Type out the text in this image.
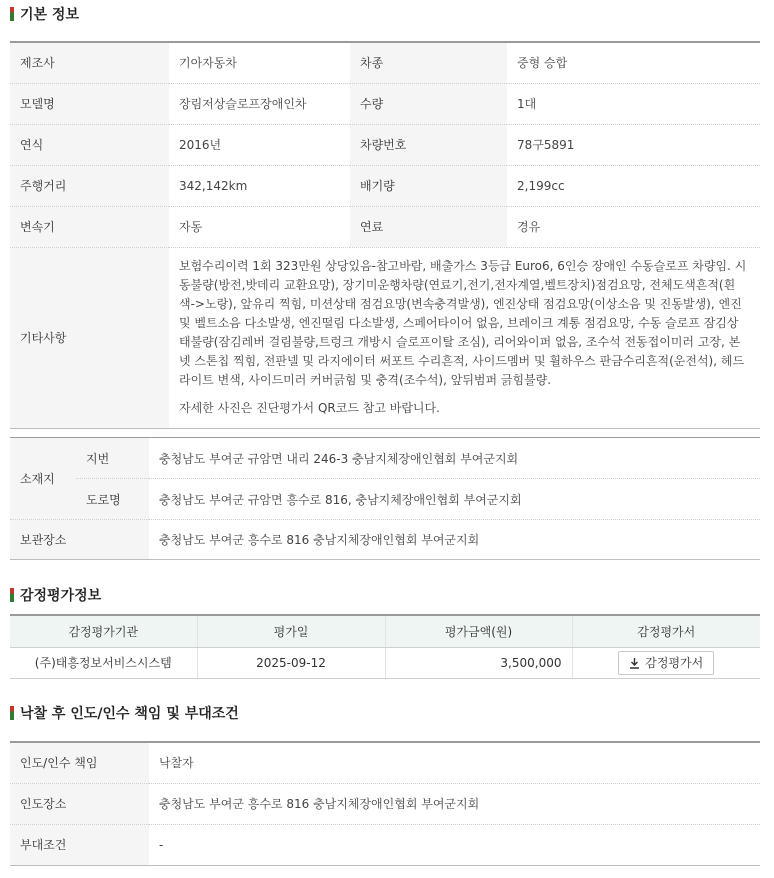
기본 정보
제조사	기아자동차	차종	중형 승합
모델명	장림저상슬로프장애인차	수량	1대
연식	2016년	차량번호	78구5891
주행거리	342,142km	배기량	2,199cc
변속기	자동	연료	경유
기타사항	보험수리이력 1회 323만원 상당있음-참고바람, 배출가스 3등급 Euro6, 6인승 장애인 수동슬로프 차량임. 시동불량(방전,밧데리 교환요망), 장기미운행차량(연료기,전기,전자계열,벨트장치)점검요망, 전체도색흔적(흰색->노랑), 앞유리 찍힘, 미션상태 점검요망(변속충격발생), 엔진상태 점검요망(이상소음 및 진동발생), 엔진 및 벨트소음 다소발생, 엔진떨림 다소발생, 스페어타이어 없음, 브레이크 계통 점검요망, 수동 슬로프 잠김상태불량(잠김레버 걸림불량,트렁크 개방시 슬로프이탈 조심), 리어와이퍼 없음, 조수석 전동접이미러 고장, 본넷 스톤칩 찍힘, 전판넬 및 라지에이터 써포트 수리흔적, 사이드멤버 및 휠하우스 판금수리흔적(운전석), 헤드라이트 변색, 사이드미러 커버긁힘 및 충격(조수석), 앞뒤범퍼 긁힘불량.

자세한 사진은 진단평가서 QR코드 참고 바랍니다.		

소재지	지번	충청남도 부여군 규암면 내리 246-3 충남지체장애인협회 부여군지회
	도로명	충청남도 부여군 규암면 흥수로 816, 충남지체장애인협회 부여군지회
보관장소		충청남도 부여군 흥수로 816 충남지체장애인협회 부여군지회
감정평가정보
감정평가기관	평가일	평가금액(원)	감정평가서
(주)태흥정보서비스시스템	2025-09-12	3,500,000	감정평가서
낙찰 후 인도/인수 책임 및 부대조건
인도/인수 책임	낙찰자
인도장소	충청남도 부여군 흥수로 816 충남지체장애인협회 부여군지회
부대조건	-
